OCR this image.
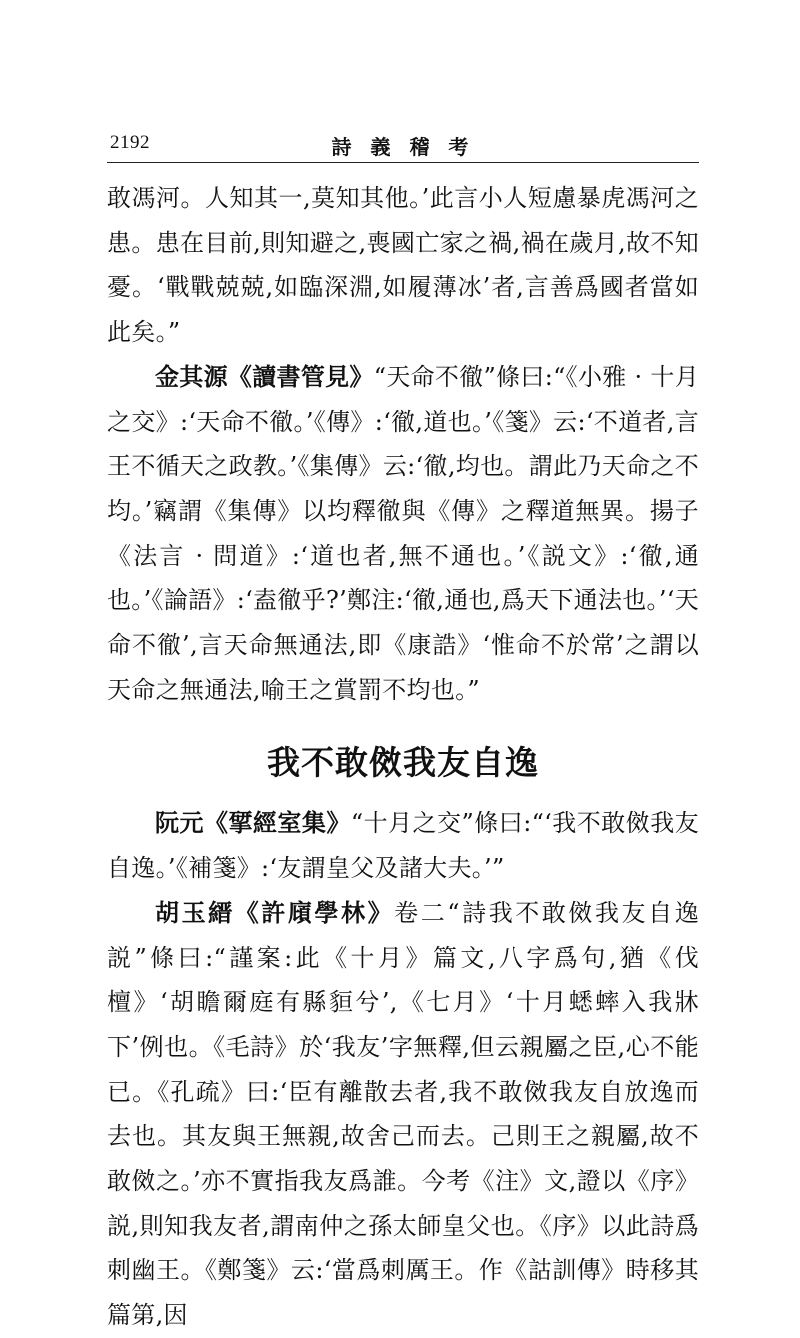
2192	詩 義 稽 考

敢馮河。人知其一,莫知其他。’此言小人短慮暴虎馮河之患。患在目前,則知避之,喪國亡家之禍,禍在歲月,故不知憂。‘戰戰兢兢,如臨深淵,如履薄冰’者,言善爲國者當如此矣。”

金其源《讀書管見》“天命不徹”條曰:“《小雅 · 十月之交》:‘天命不徹。’《傳》:‘徹,道也。’《箋》云:‘不道者,言王不循天之政教。’《集傳》云:‘徹,均也。謂此乃天命之不均。’竊謂《集傳》以均釋徹與《傳》之釋道無異。揚子《法言 · 問道》:‘道也者,無不通也。’《説文》:‘徹,通也。’《論語》:‘盍徹乎?’鄭注:‘徹,通也,爲天下通法也。’‘天命不徹’,言天命無通法,即《康誥》‘惟命不於常’之謂以天命之無通法,喻王之賞罰不均也。”

我不敢傚我友自逸

阮元《揅經室集》“十月之交”條曰:“‘我不敢傚我友自逸。’《補箋》:‘友謂皇父及諸大夫。’”

胡玉縉《許廎學林》卷二“詩我不敢傚我友自逸説”條曰:“謹案:此《十月》篇文,八字爲句,猶《伐檀》‘胡瞻爾庭有縣貆兮’,《七月》‘十月蟋蟀入我牀下’例也。《毛詩》於‘我友’字無釋,但云親屬之臣,心不能已。《孔疏》曰:‘臣有離散去者,我不敢傚我友自放逸而去也。其友與王無親,故舍己而去。己則王之親屬,故不敢傚之。’亦不實指我友爲誰。今考《注》文,證以《序》説,則知我友者,謂南仲之孫太師皇父也。《序》以此詩爲刺幽王。《鄭箋》云:‘當爲刺厲王。作《詁訓傳》時移其篇第,因
